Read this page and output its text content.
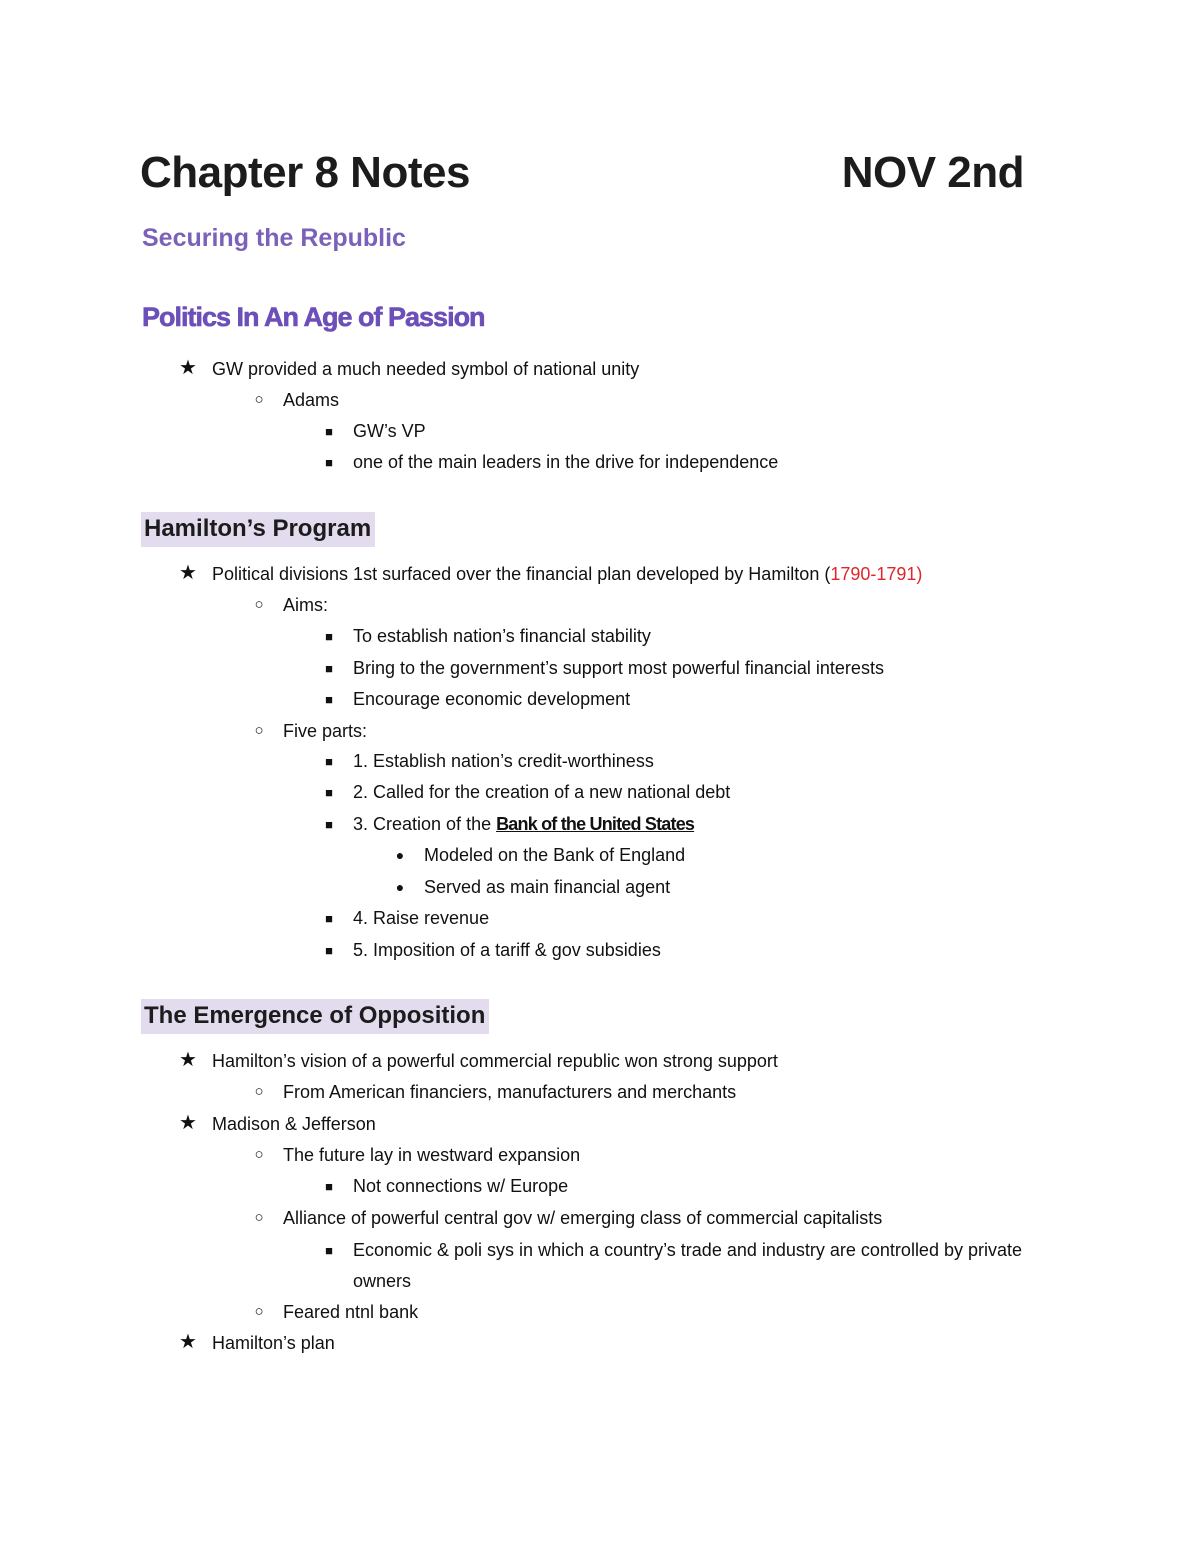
Chapter 8 Notes	NOV 2nd
Securing the Republic
Politics In An Age of Passion
★ GW provided a much needed symbol of national unity
○	Adams
■	GW’s VP
■	one of the main leaders in the drive for independence
Hamilton’s Program
★ Political divisions 1st surfaced over the financial plan developed by Hamilton (1790-1791)
○	Aims:
■	To establish nation’s financial stability
■	Bring to the government’s support most powerful financial interests
■	Encourage economic development
○	Five parts:
■	1. Establish nation’s credit-worthiness
■	2. Called for the creation of a new national debt
■	3. Creation of the Bank of the United States
●	Modeled on the Bank of England
●	Served as main financial agent
■	4. Raise revenue
■	5. Imposition of a tariff & gov subsidies
The Emergence of Opposition
★ Hamilton’s vision of a powerful commercial republic won strong support
○	From American financiers, manufacturers and merchants
★ Madison & Jefferson
○	The future lay in westward expansion
■	Not connections w/ Europe
○	Alliance of powerful central gov w/ emerging class of commercial capitalists
■	Economic & poli sys in which a country’s trade and industry are controlled by private
owners
○	Feared ntnl bank
★ Hamilton’s plan
